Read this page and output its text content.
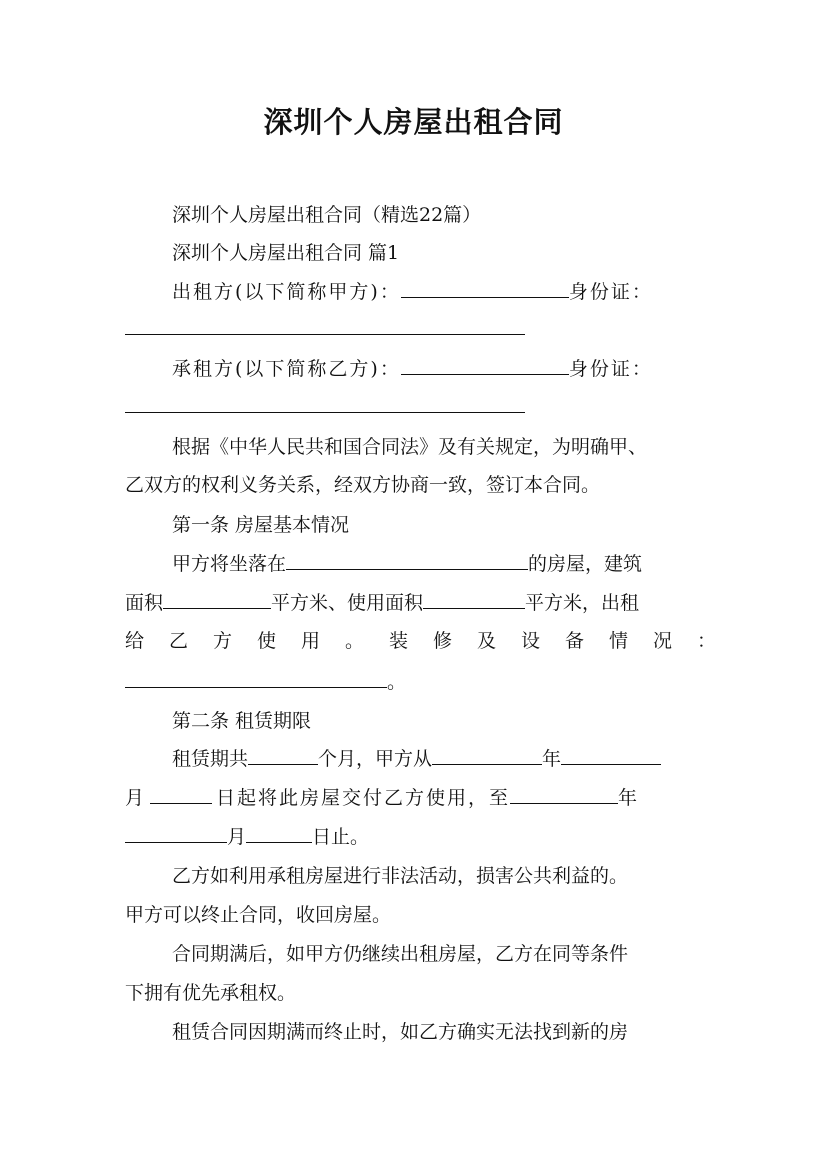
深圳个人房屋出租合同
深圳个人房屋出租合同（精选22篇）
深圳个人房屋出租合同 篇1
出租方(以下简称甲方)：	身份证：
承租方(以下简称乙方)：	身份证：
根据《中华人民共和国合同法》及有关规定，为明确甲、
乙双方的权利义务关系，经双方协商一致，签订本合同。
第一条 房屋基本情况
甲方将坐落在	的房屋，建筑
面积	平方米、使用面积	平方米，出租
给乙方使用。装修及设备情况：
。
第二条 租赁期限
租赁期共	个月，甲方从	年
月	日起将此房屋交付乙方使用，至	年
月	日止。
乙方如利用承租房屋进行非法活动，损害公共利益的。
甲方可以终止合同，收回房屋。
合同期满后，如甲方仍继续出租房屋，乙方在同等条件
下拥有优先承租权。
租赁合同因期满而终止时，如乙方确实无法找到新的房
